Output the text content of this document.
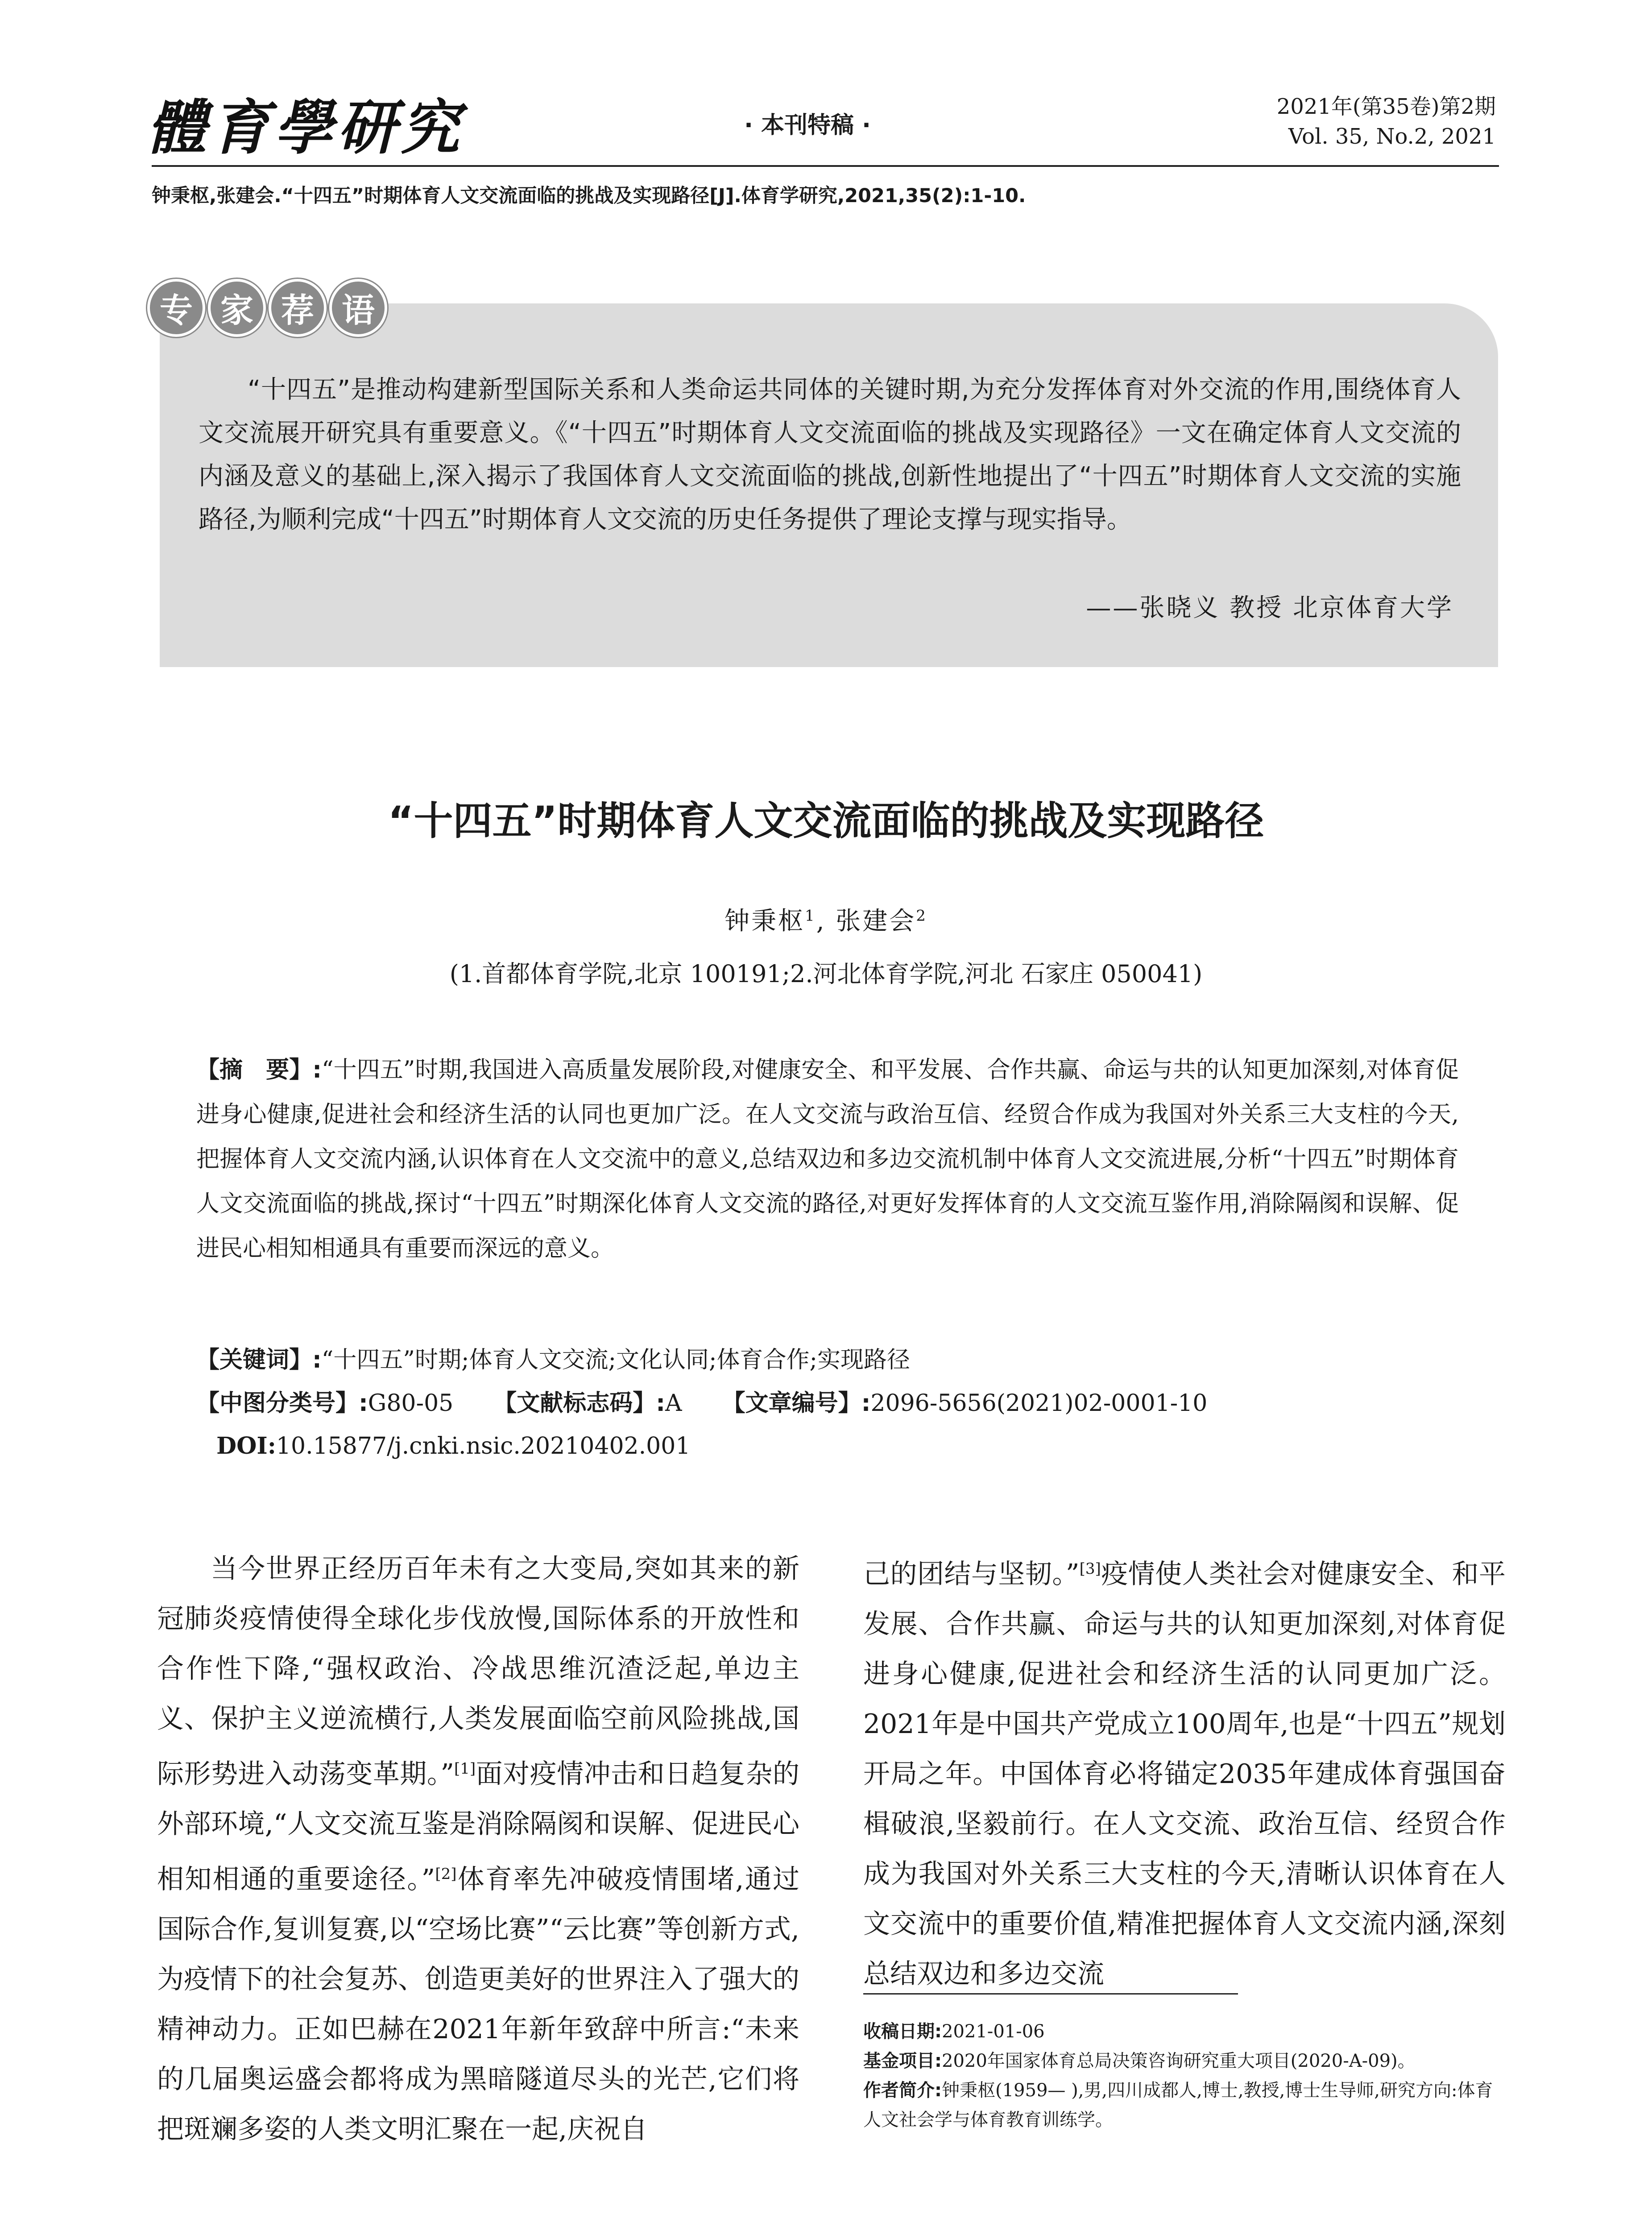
體育學研究	· 本刊特稿 ·
2021年(第35卷)第2期
Vol. 35, No.2, 2021
钟秉枢,张建会.“十四五”时期体育人文交流面临的挑战及实现路径[J].体育学研究,2021,35(2):1-10.
专 家 荐 语
“十四五”是推动构建新型国际关系和人类命运共同体的关键时期,为充分发挥体育对外交流的作用,围绕体育人文交流展开研究具有重要意义。《“十四五”时期体育人文交流面临的挑战及实现路径》一文在确定体育人文交流的内涵及意义的基础上,深入揭示了我国体育人文交流面临的挑战,创新性地提出了“十四五”时期体育人文交流的实施路径,为顺利完成“十四五”时期体育人文交流的历史任务提供了理论支撑与现实指导。
——张晓义 教授 北京体育大学
“十四五”时期体育人文交流面临的挑战及实现路径
钟秉枢$^1$, 张建会$^2$
(1.首都体育学院,北京 100191;2.河北体育学院,河北 石家庄 050041)
【摘　要】:“十四五”时期,我国进入高质量发展阶段,对健康安全、和平发展、合作共赢、命运与共的认知更加深刻,对体育促进身心健康,促进社会和经济生活的认同也更加广泛。在人文交流与政治互信、经贸合作成为我国对外关系三大支柱的今天,把握体育人文交流内涵,认识体育在人文交流中的意义,总结双边和多边交流机制中体育人文交流进展,分析“十四五”时期体育人文交流面临的挑战,探讨“十四五”时期深化体育人文交流的路径,对更好发挥体育的人文交流互鉴作用,消除隔阂和误解、促进民心相知相通具有重要而深远的意义。
【关键词】:“十四五”时期;体育人文交流;文化认同;体育合作;实现路径
【中图分类号】:G80-05 【文献标志码】:A 【文章编号】:2096-5656(2021)02-0001-10
DOI:10.15877/j.cnki.nsic.20210402.001
当今世界正经历百年未有之大变局,突如其来的新冠肺炎疫情使得全球化步伐放慢,国际体系的开放性和合作性下降,“强权政治、冷战思维沉渣泛起,单边主义、保护主义逆流横行,人类发展面临空前风险挑战,国际形势进入动荡变革期。”[1]面对疫情冲击和日趋复杂的外部环境,“人文交流互鉴是消除隔阂和误解、促进民心相知相通的重要途径。”[2]体育率先冲破疫情围堵,通过国际合作,复训复赛,以“空场比赛”“云比赛”等创新方式,为疫情下的社会复苏、创造更美好的世界注入了强大的精神动力。正如巴赫在2021年新年致辞中所言:“未来的几届奥运盛会都将成为黑暗隧道尽头的光芒,它们将把斑斓多姿的人类文明汇聚在一起,庆祝自
己的团结与坚韧。”[3]疫情使人类社会对健康安全、和平发展、合作共赢、命运与共的认知更加深刻,对体育促进身心健康,促进社会和经济生活的认同更加广泛。2021年是中国共产党成立100周年,也是“十四五”规划开局之年。中国体育必将锚定2035年建成体育强国奋楫破浪,坚毅前行。在人文交流、政治互信、经贸合作成为我国对外关系三大支柱的今天,清晰认识体育在人文交流中的重要价值,精准把握体育人文交流内涵,深刻总结双边和多边交流
收稿日期:2021-01-06
基金项目:2020年国家体育总局决策咨询研究重大项目(2020-A-09)。
作者简介:钟秉枢(1959— ),男,四川成都人,博士,教授,博士生导师,研究方向:体育人文社会学与体育教育训练学。
